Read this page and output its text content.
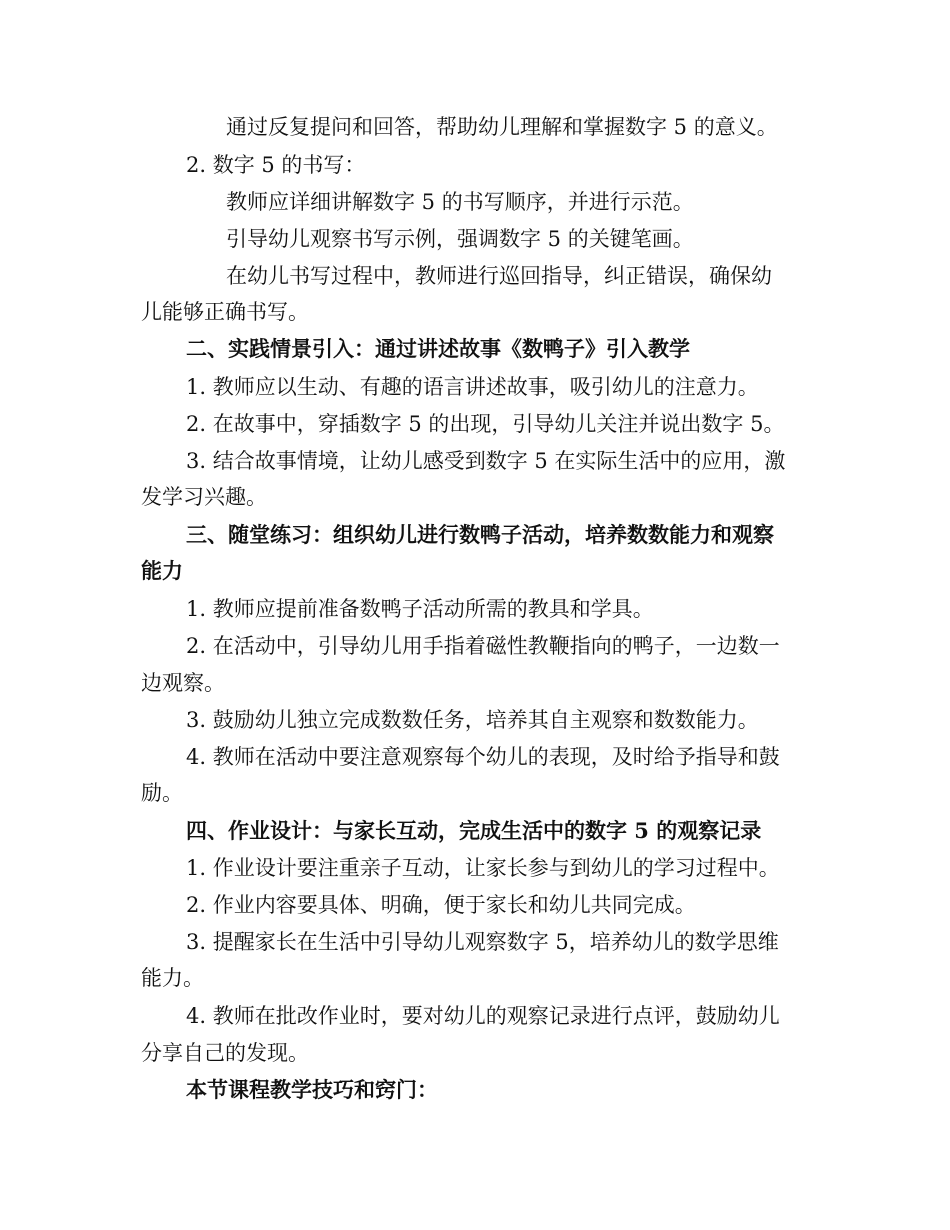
通过反复提问和回答，帮助幼儿理解和掌握数字 5 的意义。
2. 数字 5 的书写：
教师应详细讲解数字 5 的书写顺序，并进行示范。
引导幼儿观察书写示例，强调数字 5 的关键笔画。
在幼儿书写过程中，教师进行巡回指导，纠正错误，确保幼
儿能够正确书写。
二、实践情景引入：通过讲述故事《数鸭子》引入教学
1. 教师应以生动、有趣的语言讲述故事，吸引幼儿的注意力。
2. 在故事中，穿插数字 5 的出现，引导幼儿关注并说出数字 5。
3. 结合故事情境，让幼儿感受到数字 5 在实际生活中的应用，激
发学习兴趣。
三、随堂练习：组织幼儿进行数鸭子活动，培养数数能力和观察
能力
1. 教师应提前准备数鸭子活动所需的教具和学具。
2. 在活动中，引导幼儿用手指着磁性教鞭指向的鸭子，一边数一
边观察。
3. 鼓励幼儿独立完成数数任务，培养其自主观察和数数能力。
4. 教师在活动中要注意观察每个幼儿的表现，及时给予指导和鼓
励。
四、作业设计：与家长互动，完成生活中的数字 5 的观察记录
1. 作业设计要注重亲子互动，让家长参与到幼儿的学习过程中。
2. 作业内容要具体、明确，便于家长和幼儿共同完成。
3. 提醒家长在生活中引导幼儿观察数字 5，培养幼儿的数学思维
能力。
4. 教师在批改作业时，要对幼儿的观察记录进行点评，鼓励幼儿
分享自己的发现。
本节课程教学技巧和窍门：
